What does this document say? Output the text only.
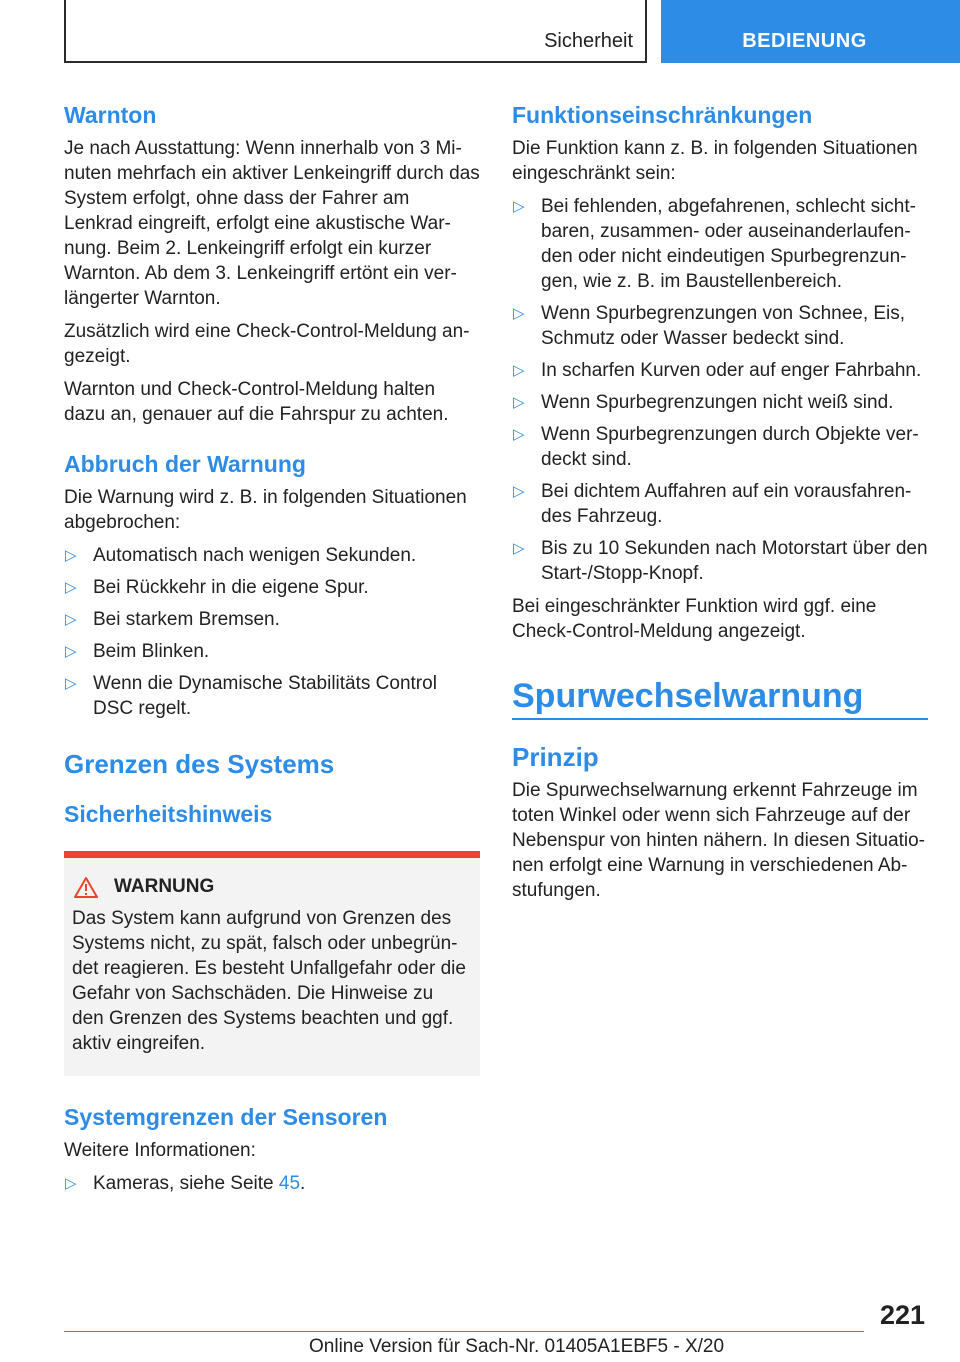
Sicherheit	BEDIENUNG
Warnton

Je nach Ausstattung: Wenn innerhalb von 3 Mi‑ nuten mehrfach ein aktiver Lenkeingriff durch das System erfolgt, ohne dass der Fahrer am Lenkrad eingreift, erfolgt eine akustische War‑ nung. Beim 2. Lenkeingriff erfolgt ein kurzer Warnton. Ab dem 3. Lenkeingriff ertönt ein ver‑ längerter Warnton.

Zusätzlich wird eine Check-Control-Meldung an‑ gezeigt.

Warnton und Check-Control-Meldung halten dazu an, genauer auf die Fahrspur zu achten.

Abbruch der Warnung

Die Warnung wird z. B. in folgenden Situationen abgebrochen:

▷ Automatisch nach wenigen Sekunden.
▷ Bei Rückkehr in die eigene Spur.
▷ Bei starkem Bremsen.
▷ Beim Blinken.
▷ Wenn die Dynamische Stabilitäts Control DSC regelt.
Grenzen des Systems
Sicherheitshinweis
WARNUNG

Das System kann aufgrund von Grenzen des Systems nicht, zu spät, falsch oder unbegrün‑ det reagieren. Es besteht Unfallgefahr oder die Gefahr von Sachschäden. Die Hinweise zu den Grenzen des Systems beachten und ggf. aktiv eingreifen.

Systemgrenzen der Sensoren

Weitere Informationen:

▷ Kameras, siehe Seite 45.
Funktionseinschränkungen

Die Funktion kann z. B. in folgenden Situationen eingeschränkt sein:

▷ Bei fehlenden, abgefahrenen, schlecht sicht‑ baren, zusammen- oder auseinanderlaufen‑ den oder nicht eindeutigen Spurbegrenzun‑ gen, wie z. B. im Baustellenbereich.
▷ Wenn Spurbegrenzungen von Schnee, Eis, Schmutz oder Wasser bedeckt sind.
▷ In scharfen Kurven oder auf enger Fahrbahn.
▷ Wenn Spurbegrenzungen nicht weiß sind.
▷ Wenn Spurbegrenzungen durch Objekte ver‑ deckt sind.
▷ Bei dichtem Auffahren auf ein vorausfahren‑ des Fahrzeug.
▷ Bis zu 10 Sekunden nach Motorstart über den Start-/Stopp-Knopf.

Bei eingeschränkter Funktion wird ggf. eine Check-Control-Meldung angezeigt.

Spurwechselwarnung
Prinzip

Die Spurwechselwarnung erkennt Fahrzeuge im toten Winkel oder wenn sich Fahrzeuge auf der Nebenspur von hinten nähern. In diesen Situatio‑ nen erfolgt eine Warnung in verschiedenen Ab‑ stufungen.

221
Online Version für Sach-Nr. 01405A1EBF5 - X/20
